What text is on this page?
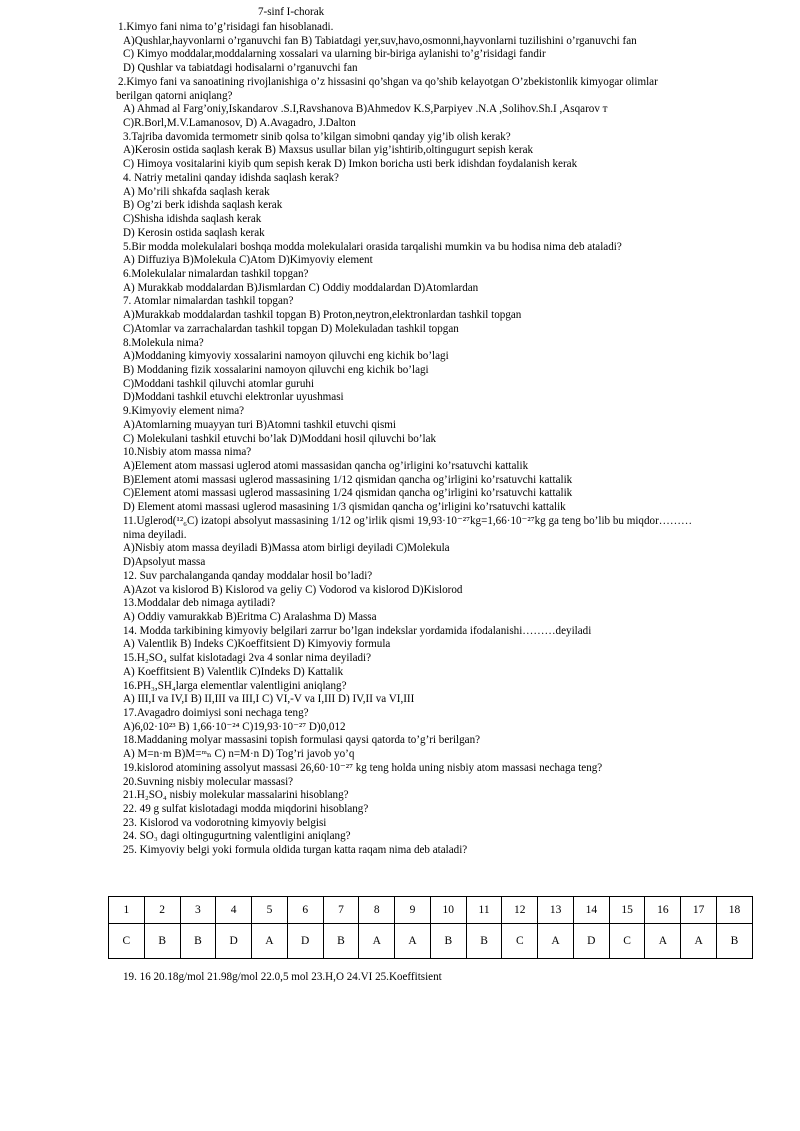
7-sinf I-chorak
1.Kimyo fani nima to’g’risidagi fan hisoblanadi.
A)Qushlar,hayvonlarni o’rganuvchi fan B) Tabiatdagi yer,suv,havo,osmonni,hayvonlarni tuzilishini o’rganuvchi fan
C) Kimyo moddalar,moddalarning xossalari va ularning bir-biriga aylanishi to’g’risidagi fandir
D) Qushlar va tabiatdagi hodisalarni o’rganuvchi fan
2.Kimyo fani va sanoatining rivojlanishiga o’z hissasini qo’shgan va qo’shib kelayotgan O’zbekistonlik kimyogar olimlar
berilgan qatorni aniqlang?
A) Ahmad al Farg’oniy,Iskandarov .S.I,Ravshanova B)Ahmedov K.S,Parpiyev .N.A ,Solihov.Sh.I ,Asqarov т
C)R.Borl,M.V.Lamanosov, D) A.Avagadro, J.Dalton
3.Tajriba davomida termometr sinib qolsa to’kilgan simobni qanday yig’ib olish kerak?
A)Kerosin ostida saqlash kerak B) Maxsus usullar bilan yig’ishtirib,oltingugurt sepish kerak
C) Himoya vositalarini kiyib qum sepish kerak D) Imkon boricha usti berk idishdan foydalanish kerak
4. Natriy metalini qanday idishda saqlash kerak?
A) Mo’rili shkafda saqlash kerak
B) Og’zi berk idishda saqlash kerak
C)Shisha idishda saqlash kerak
D) Kerosin ostida saqlash kerak
5.Bir modda molekulalari boshqa modda molekulalari orasida tarqalishi mumkin va bu hodisa nima deb ataladi?
A) Diffuziya B)Molekula C)Atom D)Kimyoviy element
6.Molekulalar nimalardan tashkil topgan?
A) Murakkab moddalardan B)Jismlardan C) Oddiy moddalardan D)Atomlardan
7. Atomlar nimalardan tashkil topgan?
A)Murakkab moddalardan tashkil topgan B) Proton,neytron,elektronlardan tashkil topgan
C)Atomlar va zarrachalardan tashkil topgan D) Molekuladan tashkil topgan
8.Molekula nima?
A)Moddaning kimyoviy xossalarini namoyon qiluvchi eng kichik bo’lagi
B) Moddaning fizik xossalarini namoyon qiluvchi eng kichik bo’lagi
C)Moddani tashkil qiluvchi atomlar guruhi
D)Moddani tashkil etuvchi elektronlar uyushmasi
9.Kimyoviy element nima?
A)Atomlarning muayyan turi B)Atomni tashkil etuvchi qismi
C) Molekulani tashkil etuvchi bo’lak D)Moddani hosil qiluvchi bo’lak
10.Nisbiy atom massa nima?
A)Element atom massasi uglerod atomi massasidan qancha og’irligini ko’rsatuvchi kattalik
B)Element atomi massasi uglerod massasining 1/12 qismidan qancha og’irligini ko’rsatuvchi kattalik
C)Element atomi massasi uglerod massasining 1/24 qismidan qancha og’irligini ko’rsatuvchi kattalik
D) Element atomi massasi uglerod masasining 1/3 qismidan qancha og’irligini ko’rsatuvchi kattalik
11.Uglerod(¹²₆C) izatopi absolyut massasining 1/12 og’irlik qismi 19,93·10⁻²⁷kg=1,66·10⁻²⁷kg ga teng bo’lib bu miqdor………
nima deyiladi.
A)Nisbiy atom massa deyiladi B)Massa atom birligi deyiladi C)Molekula
D)Apsolyut massa
12. Suv parchalanganda qanday moddalar hosil bo’ladi?
A)Azot va kislorod B) Kislorod va geliy C) Vodorod va kislorod D)Kislorod
13.Moddalar deb nimaga aytiladi?
A) Oddiy vamurakkab B)Eritma C) Aralashma D) Massa
14. Modda tarkibining kimyoviy belgilari zarrur bo’lgan indekslar yordamida ifodalanishi………deyiladi
A) Valentlik B) Indeks C)Koeffitsient D) Kimyoviy formula
15.H₂SO₄ sulfat kislotadagi 2va 4 sonlar nima deyiladi?
A) Koeffitsient B) Valentlik C)Indeks D) Kattalik
16.PH₃,SH₄larga elementlar valentligini aniqlang?
A) III,I va IV,I B) II,III va III,I C) VI,-V va I,III D) IV,II va VI,III
17.Avagadro doimiysi soni nechaga teng?
A)6,02·10²³ B) 1,66·10⁻²⁴ C)19,93·10⁻²⁷ D)0,012
18.Maddaning molyar massasini topish formulasi qaysi qatorda to’g’ri berilgan?
A) M=n·m B)M=ᵐₙ C) n=M·n D) Tog’ri javob yo’q
19.kislorod atomining assolyut massasi 26,60·10⁻²⁷ kg teng holda uning nisbiy atom massasi nechaga teng?
20.Suvning nisbiy molecular massasi?
21.H₂SO₄ nisbiy molekular massalarini hisoblang?
22. 49 g sulfat kislotadagi modda miqdorini hisoblang?
23. Kislorod va vodorotning kimyoviy belgisi
24. SO₃ dagi oltingugurtning valentligini aniqlang?
25. Kimyoviy belgi yoki formula oldida turgan katta raqam nima deb ataladi?
1	2	3	4	5	6	7	8	9	10	11	12	13	14	15	16	17	18
C	B	B	D	A	D	B	A	A	B	B	C	A	D	C	A	A	B
19. 16 20.18g/mol 21.98g/mol 22.0,5 mol 23.H,O 24.VI 25.Koeffitsient
